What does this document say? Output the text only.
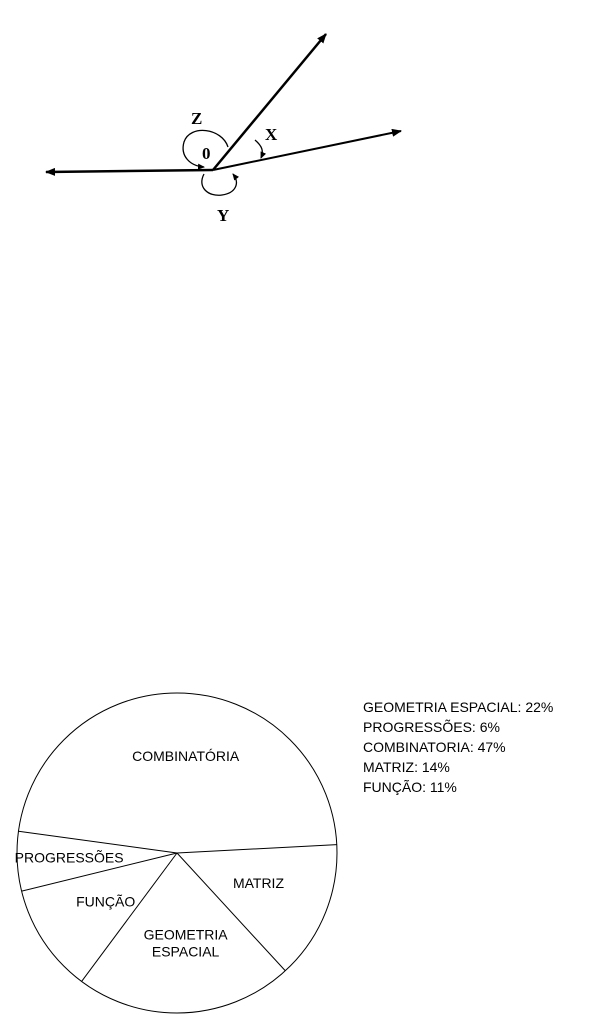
Z
X
Y
0
COMBINATÓRIA
PROGRESSÕES
FUNÇÃO
GEOMETRIA ESPACIAL
MATRIZ
GEOMETRIA ESPACIAL: 22%
PROGRESSÕES: 6%
COMBINATORIA: 47%
MATRIZ: 14%
FUNÇÃO: 11%
